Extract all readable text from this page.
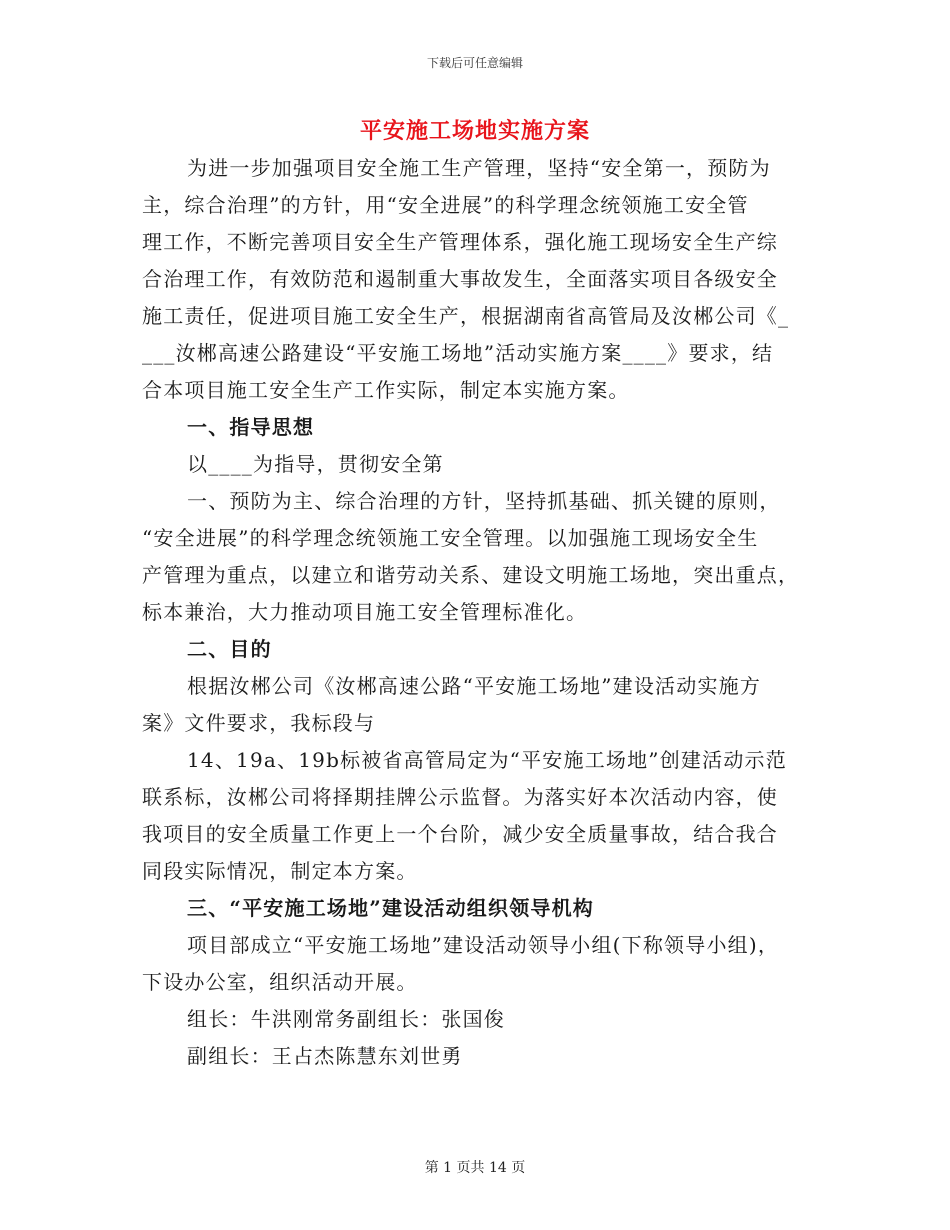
下载后可任意编辑
平安施工场地实施方案
为进一步加强项目安全施工生产管理，坚持“安全第一，预防为
主，综合治理”的方针，用“安全进展”的科学理念统领施工安全管
理工作，不断完善项目安全生产管理体系，强化施工现场安全生产综
合治理工作，有效防范和遏制重大事故发生，全面落实项目各级安全
施工责任，促进项目施工安全生产，根据湖南省高管局及汝郴公司《_
___汝郴高速公路建设“平安施工场地”活动实施方案____》要求，结
合本项目施工安全生产工作实际，制定本实施方案。
一、指导思想
以____为指导，贯彻安全第
一、预防为主、综合治理的方针，坚持抓基础、抓关键的原则，
“安全进展”的科学理念统领施工安全管理。以加强施工现场安全生
产管理为重点，以建立和谐劳动关系、建设文明施工场地，突出重点，
标本兼治，大力推动项目施工安全管理标准化。
二、目的
根据汝郴公司《汝郴高速公路“平安施工场地”建设活动实施方
案》文件要求，我标段与
14、19a、19b标被省高管局定为“平安施工场地”创建活动示范
联系标，汝郴公司将择期挂牌公示监督。为落实好本次活动内容，使
我项目的安全质量工作更上一个台阶，减少安全质量事故，结合我合
同段实际情况，制定本方案。
三、“平安施工场地”建设活动组织领导机构
项目部成立“平安施工场地”建设活动领导小组(下称领导小组)，
下设办公室，组织活动开展。
组长：牛洪刚常务副组长：张国俊
副组长：王占杰陈慧东刘世勇
第 1 页共 14 页
